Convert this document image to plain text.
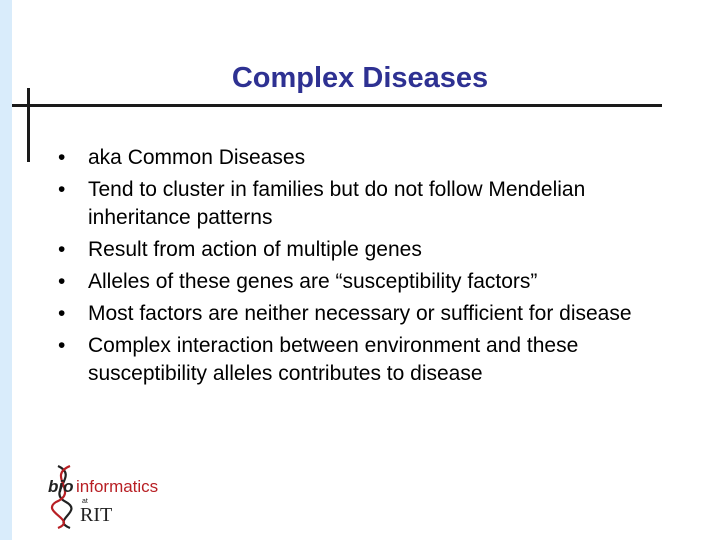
Complex Diseases
• aka Common Diseases
• Tend to cluster in families but do not follow Mendelian inheritance patterns
• Result from action of multiple genes
• Alleles of these genes are “susceptibility factors”
• Most factors are neither necessary or sufficient for disease
• Complex interaction between environment and these susceptibility alleles contributes to disease
bio informatics
at
RIT
